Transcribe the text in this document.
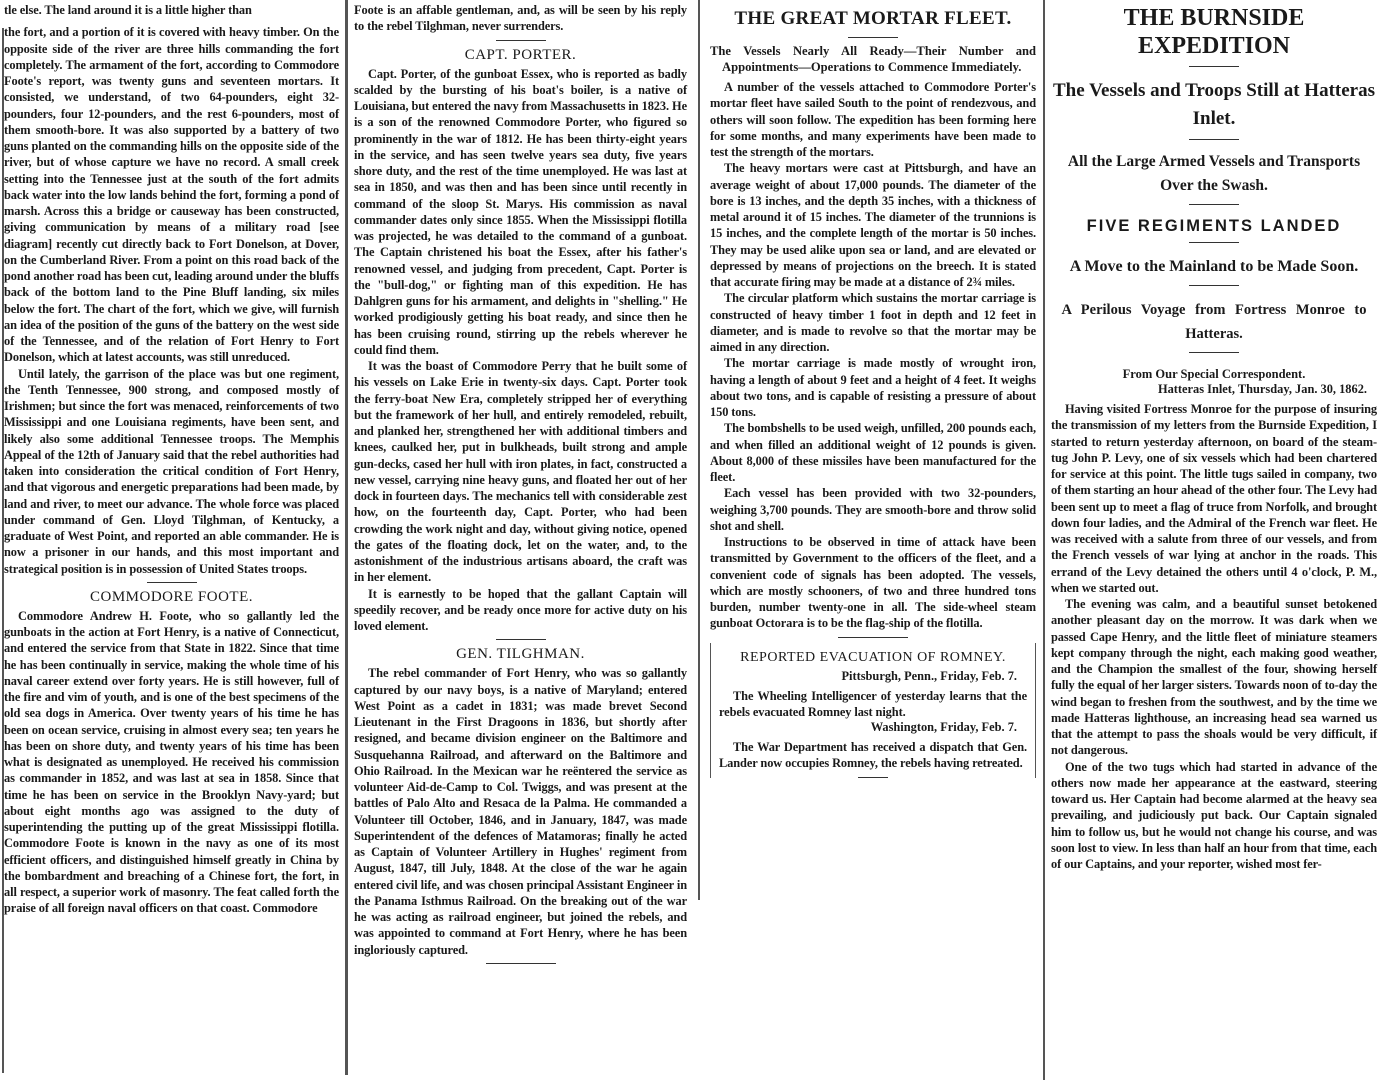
tle else. The land around it is a little higher than

the fort, and a portion of it is covered with heavy timber. On the opposite side of the river are three hills commanding the fort completely. The armament of the fort, according to Commodore Foote's report, was twenty guns and seventeen mortars. It consisted, we understand, of two 64-pounders, eight 32-pounders, four 12-pounders, and the rest 6-pounders, most of them smooth-bore. It was also supported by a battery of two guns planted on the commanding hills on the opposite side of the river, but of whose capture we have no record. A small creek setting into the Tennessee just at the south of the fort admits back water into the low lands behind the fort, forming a pond of marsh. Across this a bridge or causeway has been constructed, giving communication by means of a military road [see diagram] recently cut directly back to Fort Donelson, at Dover, on the Cumberland River. From a point on this road back of the pond another road has been cut, leading around under the bluffs back of the bottom land to the Pine Bluff landing, six miles below the fort. The chart of the fort, which we give, will furnish an idea of the position of the guns of the battery on the west side of the Tennessee, and of the relation of Fort Henry to Fort Donelson, which at latest accounts, was still unreduced.

Until lately, the garrison of the place was but one regiment, the Tenth Tennessee, 900 strong, and composed mostly of Irishmen; but since the fort was menaced, reinforcements of two Mississippi and one Louisiana regiments, have been sent, and likely also some additional Tennessee troops. The Memphis Appeal of the 12th of January said that the rebel authorities had taken into consideration the critical condition of Fort Henry, and that vigorous and energetic preparations had been made, by land and river, to meet our advance. The whole force was placed under command of Gen. Lloyd Tilghman, of Kentucky, a graduate of West Point, and reported an able commander. He is now a prisoner in our hands, and this most important and strategical position is in possession of United States troops.

COMMODORE FOOTE.

Commodore Andrew H. Foote, who so gallantly led the gunboats in the action at Fort Henry, is a native of Connecticut, and entered the service from that State in 1822. Since that time he has been continually in service, making the whole time of his naval career extend over forty years. He is still however, full of the fire and vim of youth, and is one of the best specimens of the old sea dogs in America. Over twenty years of his time he has been on ocean service, cruising in almost every sea; ten years he has been on shore duty, and twenty years of his time has been what is designated as unemployed. He received his commission as commander in 1852, and was last at sea in 1858. Since that time he has been on service in the Brooklyn Navy-yard; but about eight months ago was assigned to the duty of superintending the putting up of the great Mississippi flotilla. Commodore Foote is known in the navy as one of its most efficient officers, and distinguished himself greatly in China by the bombardment and breaching of a Chinese fort, the fort, in all respect, a superior work of masonry. The feat called forth the praise of all foreign naval officers on that coast. Commodore

Foote is an affable gentleman, and, as will be seen by his reply to the rebel Tilghman, never surrenders.

CAPT. PORTER.

Capt. Porter, of the gunboat Essex, who is reported as badly scalded by the bursting of his boat's boiler, is a native of Louisiana, but entered the navy from Massachusetts in 1823. He is a son of the renowned Commodore Porter, who figured so prominently in the war of 1812. He has been thirty-eight years in the service, and has seen twelve years sea duty, five years shore duty, and the rest of the time unemployed. He was last at sea in 1850, and was then and has been since until recently in command of the sloop St. Marys. His commission as naval commander dates only since 1855. When the Mississippi flotilla was projected, he was detailed to the command of a gunboat. The Captain christened his boat the Essex, after his father's renowned vessel, and judging from precedent, Capt. Porter is the "bull-dog," or fighting man of this expedition. He has Dahlgren guns for his armament, and delights in "shelling." He worked prodigiously getting his boat ready, and since then he has been cruising round, stirring up the rebels wherever he could find them.

It was the boast of Commodore Perry that he built some of his vessels on Lake Erie in twenty-six days. Capt. Porter took the ferry-boat New Era, completely stripped her of everything but the framework of her hull, and entirely remodeled, rebuilt, and planked her, strengthened her with additional timbers and knees, caulked her, put in bulkheads, built strong and ample gun-decks, cased her hull with iron plates, in fact, constructed a new vessel, carrying nine heavy guns, and floated her out of her dock in fourteen days. The mechanics tell with considerable zest how, on the fourteenth day, Capt. Porter, who had been crowding the work night and day, without giving notice, opened the gates of the floating dock, let on the water, and, to the astonishment of the industrious artisans aboard, the craft was in her element.

It is earnestly to be hoped that the gallant Captain will speedily recover, and be ready once more for active duty on his loved element.

GEN. TILGHMAN.

The rebel commander of Fort Henry, who was so gallantly captured by our navy boys, is a native of Maryland; entered West Point as a cadet in 1831; was made brevet Second Lieutenant in the First Dragoons in 1836, but shortly after resigned, and became division engineer on the Baltimore and Susquehanna Railroad, and afterward on the Baltimore and Ohio Railroad. In the Mexican war he reëntered the service as volunteer Aid-de-Camp to Col. Twiggs, and was present at the battles of Palo Alto and Resaca de la Palma. He commanded a Volunteer till October, 1846, and in January, 1847, was made Superintendent of the defences of Matamoras; finally he acted as Captain of Volunteer Artillery in Hughes' regiment from August, 1847, till July, 1848. At the close of the war he again entered civil life, and was chosen principal Assistant Engineer in the Panama Isthmus Railroad. On the breaking out of the war he was acting as railroad engineer, but joined the rebels, and was appointed to command at Fort Henry, where he has been ingloriously captured.

THE GREAT MORTAR FLEET.
The Vessels Nearly All Ready—Their Number and Appointments—Operations to Commence Immediately.

A number of the vessels attached to Commodore Porter's mortar fleet have sailed South to the point of rendezvous, and others will soon follow. The expedition has been forming here for some months, and many experiments have been made to test the strength of the mortars.

The heavy mortars were cast at Pittsburgh, and have an average weight of about 17,000 pounds. The diameter of the bore is 13 inches, and the depth 35 inches, with a thickness of metal around it of 15 inches. The diameter of the trunnions is 15 inches, and the complete length of the mortar is 50 inches. They may be used alike upon sea or land, and are elevated or depressed by means of projections on the breech. It is stated that accurate firing may be made at a distance of 2¾ miles.

The circular platform which sustains the mortar carriage is constructed of heavy timber 1 foot in depth and 12 feet in diameter, and is made to revolve so that the mortar may be aimed in any direction.

The mortar carriage is made mostly of wrought iron, having a length of about 9 feet and a height of 4 feet. It weighs about two tons, and is capable of resisting a pressure of about 150 tons.

The bombshells to be used weigh, unfilled, 200 pounds each, and when filled an additional weight of 12 pounds is given. About 8,000 of these missiles have been manufactured for the fleet.

Each vessel has been provided with two 32-pounders, weighing 3,700 pounds. They are smooth-bore and throw solid shot and shell.

Instructions to be observed in time of attack have been transmitted by Government to the officers of the fleet, and a convenient code of signals has been adopted. The vessels, which are mostly schooners, of two and three hundred tons burden, number twenty-one in all. The side-wheel steam gunboat Octorara is to be the flag-ship of the flotilla.

REPORTED EVACUATION OF ROMNEY.
Pittsburgh, Penn., Friday, Feb. 7.

The Wheeling Intelligencer of yesterday learns that the rebels evacuated Romney last night.

Washington, Friday, Feb. 7.

The War Department has received a dispatch that Gen. Lander now occupies Romney, the rebels having retreated.

THE BURNSIDE EXPEDITION
The Vessels and Troops Still at Hatteras Inlet.
All the Large Armed Vessels and Transports Over the Swash.
FIVE REGIMENTS LANDED
A Move to the Mainland to be Made Soon.
A Perilous Voyage from Fortress Monroe to Hatteras.
From Our Special Correspondent.
Hatteras Inlet, Thursday, Jan. 30, 1862.

Having visited Fortress Monroe for the purpose of insuring the transmission of my letters from the Burnside Expedition, I started to return yesterday afternoon, on board of the steam-tug John P. Levy, one of six vessels which had been chartered for service at this point. The little tugs sailed in company, two of them starting an hour ahead of the other four. The Levy had been sent up to meet a flag of truce from Norfolk, and brought down four ladies, and the Admiral of the French war fleet. He was received with a salute from three of our vessels, and from the French vessels of war lying at anchor in the roads. This errand of the Levy detained the others until 4 o'clock, P. M., when we started out.

The evening was calm, and a beautiful sunset betokened another pleasant day on the morrow. It was dark when we passed Cape Henry, and the little fleet of miniature steamers kept company through the night, each making good weather, and the Champion the smallest of the four, showing herself fully the equal of her larger sisters. Towards noon of to-day the wind began to freshen from the southwest, and by the time we made Hatteras lighthouse, an increasing head sea warned us that the attempt to pass the shoals would be very difficult, if not dangerous.

One of the two tugs which had started in advance of the others now made her appearance at the eastward, steering toward us. Her Captain had become alarmed at the heavy sea prevailing, and judiciously put back. Our Captain signaled him to follow us, but he would not change his course, and was soon lost to view. In less than half an hour from that time, each of our Captains, and your reporter, wished most fer-
